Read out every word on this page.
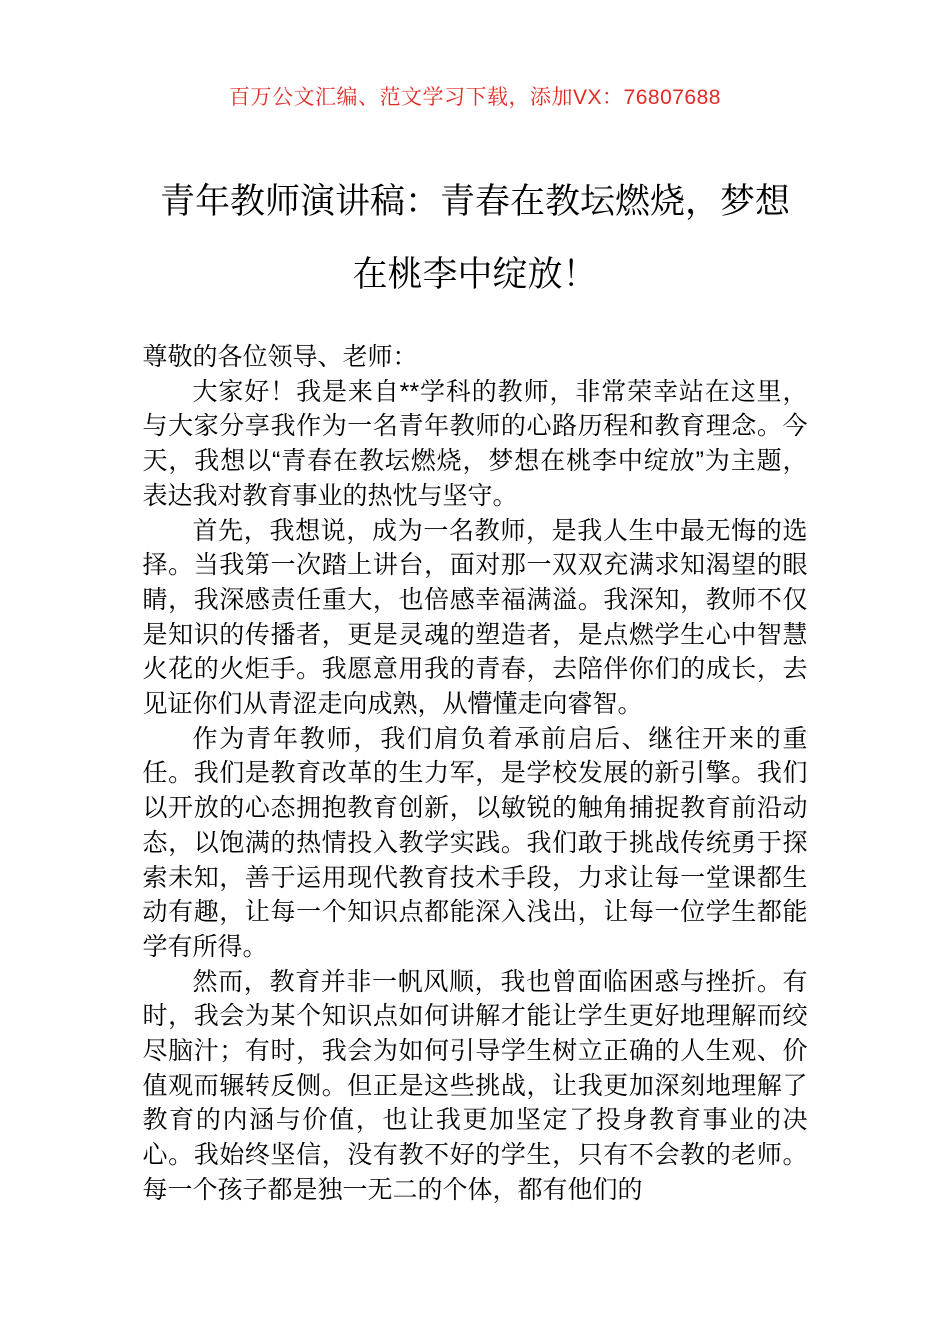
百万公文汇编、范文学习下载，添加VX：76807688
青年教师演讲稿：青春在教坛燃烧，梦想
在桃李中绽放！

尊敬的各位领导、老师：

大家好！我是来自**学科的教师，非常荣幸站在这里，与大家分享我作为一名青年教师的心路历程和教育理念。今天，我想以“青春在教坛燃烧，梦想在桃李中绽放”为主题，表达我对教育事业的热忱与坚守。

首先，我想说，成为一名教师，是我人生中最无悔的选择。当我第一次踏上讲台，面对那一双双充满求知渴望的眼睛，我深感责任重大，也倍感幸福满溢。我深知，教师不仅是知识的传播者，更是灵魂的塑造者，是点燃学生心中智慧火花的火炬手。我愿意用我的青春，去陪伴你们的成长，去见证你们从青涩走向成熟，从懵懂走向睿智。

作为青年教师，我们肩负着承前启后、继往开来的重任。我们是教育改革的生力军，是学校发展的新引擎。我们以开放的心态拥抱教育创新，以敏锐的触角捕捉教育前沿动态，以饱满的热情投入教学实践。我们敢于挑战传统勇于探索未知，善于运用现代教育技术手段，力求让每一堂课都生动有趣，让每一个知识点都能深入浅出，让每一位学生都能学有所得。

然而，教育并非一帆风顺，我也曾面临困惑与挫折。有时，我会为某个知识点如何讲解才能让学生更好地理解而绞尽脑汁；有时，我会为如何引导学生树立正确的人生观、价值观而辗转反侧。但正是这些挑战，让我更加深刻地理解了教育的内涵与价值，也让我更加坚定了投身教育事业的决心。我始终坚信，没有教不好的学生，只有不会教的老师。每一个孩子都是独一无二的个体，都有他们的
